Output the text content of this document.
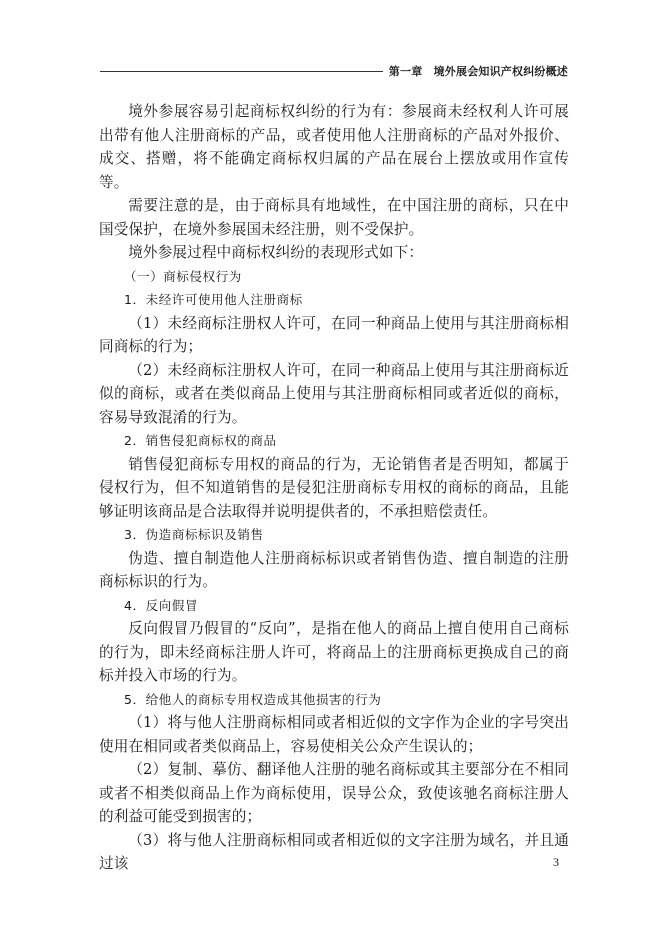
第一章　境外展会知识产权纠纷概述

境外参展容易引起商标权纠纷的行为有：参展商未经权利人许可展出带有他人注册商标的产品，或者使用他人注册商标的产品对外报价、成交、搭赠，将不能确定商标权归属的产品在展台上摆放或用作宣传等。

需要注意的是，由于商标具有地域性，在中国注册的商标，只在中国受保护，在境外参展国未经注册，则不受保护。

境外参展过程中商标权纠纷的表现形式如下：

（一）商标侵权行为

1．未经许可使用他人注册商标

（1）未经商标注册权人许可，在同一种商品上使用与其注册商标相同商标的行为；

（2）未经商标注册权人许可，在同一种商品上使用与其注册商标近似的商标，或者在类似商品上使用与其注册商标相同或者近似的商标，容易导致混淆的行为。

2．销售侵犯商标权的商品

销售侵犯商标专用权的商品的行为，无论销售者是否明知，都属于侵权行为，但不知道销售的是侵犯注册商标专用权的商标的商品，且能够证明该商品是合法取得并说明提供者的，不承担赔偿责任。

3．伪造商标标识及销售

伪造、擅自制造他人注册商标标识或者销售伪造、擅自制造的注册商标标识的行为。

4．反向假冒

反向假冒乃假冒的“反向”，是指在他人的商品上擅自使用自己商标的行为，即未经商标注册人许可，将商品上的注册商标更换成自己的商标并投入市场的行为。

5．给他人的商标专用权造成其他损害的行为

（1）将与他人注册商标相同或者相近似的文字作为企业的字号突出使用在相同或者类似商品上，容易使相关公众产生误认的；

（2）复制、摹仿、翻译他人注册的驰名商标或其主要部分在不相同或者不相类似商品上作为商标使用，误导公众，致使该驰名商标注册人的利益可能受到损害的；

（3）将与他人注册商标相同或者相近似的文字注册为域名，并且通过该	3
